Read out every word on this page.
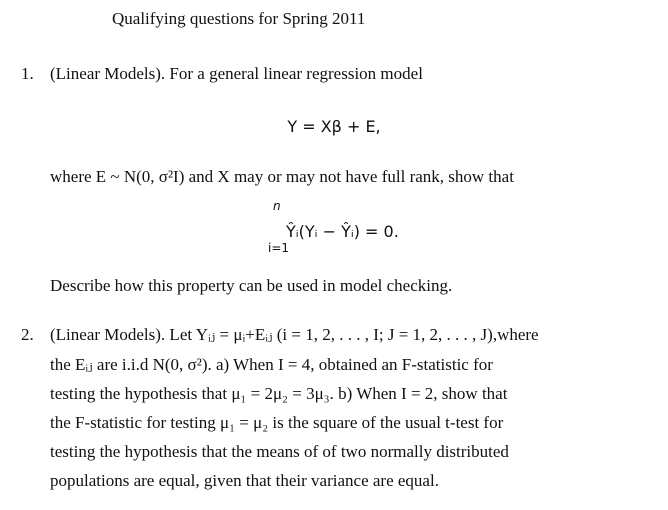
Qualifying questions for Spring 2011
1. (Linear Models). For a general linear regression model
Y = Xβ + E,
where E ~ N(0, σ²I) and X may or may not have full rank, show that
n
Ŷᵢ(Yᵢ − Ŷᵢ) = 0.
i=1
Describe how this property can be used in model checking.
2. (Linear Models). Let Yᵢⱼ = μᵢ+Eᵢⱼ (i = 1, 2, . . . , I; J = 1, 2, . . . , J),where
the Eᵢⱼ are i.i.d N(0, σ²). a) When I = 4, obtained an F-statistic for
testing the hypothesis that μ₁ = 2μ₂ = 3μ₃. b) When I = 2, show that
the F-statistic for testing μ₁ = μ₂ is the square of the usual t-test for
testing the hypothesis that the means of of two normally distributed
populations are equal, given that their variance are equal.
